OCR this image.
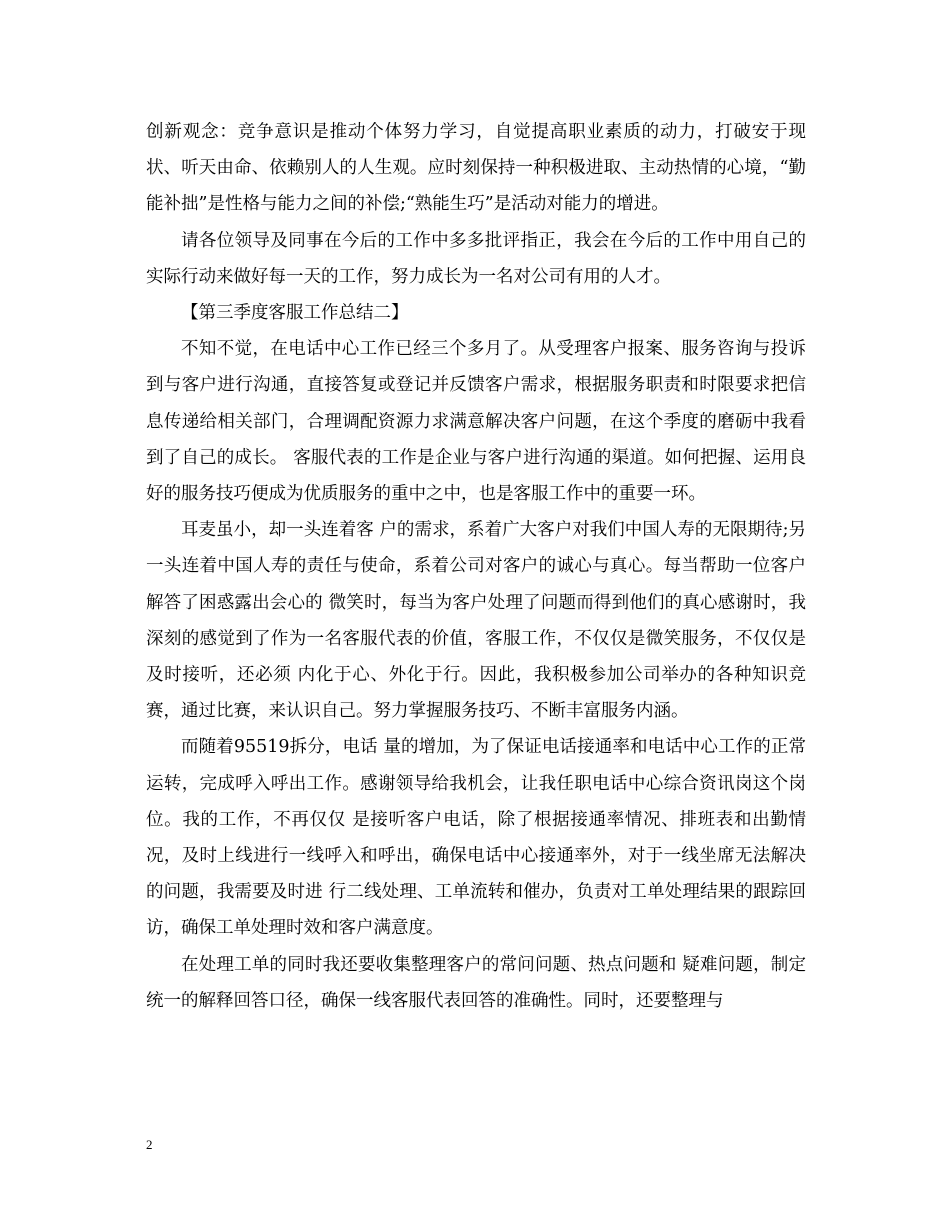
创新观念：竞争意识是推动个体努力学习，自觉提高职业素质的动力，打破安于现状、听天由命、依赖别人的人生观。应时刻保持一种积极进取、主动热情的心境，“勤能补拙”是性格与能力之间的补偿;“熟能生巧”是活动对能力的增进。

请各位领导及同事在今后的工作中多多批评指正，我会在今后的工作中用自己的实际行动来做好每一天的工作，努力成长为一名对公司有用的人才。

【第三季度客服工作总结二】

不知不觉，在电话中心工作已经三个多月了。从受理客户报案、服务咨询与投诉到与客户进行沟通，直接答复或登记并反馈客户需求，根据服务职责和时限要求把信息传递给相关部门，合理调配资源力求满意解决客户问题，在这个季度的磨砺中我看到了自己的成长。 客服代表的工作是企业与客户进行沟通的渠道。如何把握、运用良好的服务技巧便成为优质服务的重中之中，也是客服工作中的重要一环。

耳麦虽小，却一头连着客 户的需求，系着广大客户对我们中国人寿的无限期待;另一头连着中国人寿的责任与使命，系着公司对客户的诚心与真心。每当帮助一位客户解答了困惑露出会心的 微笑时，每当为客户处理了问题而得到他们的真心感谢时，我深刻的感觉到了作为一名客服代表的价值，客服工作，不仅仅是微笑服务，不仅仅是及时接听，还必须 内化于心、外化于行。因此，我积极参加公司举办的各种知识竞赛，通过比赛，来认识自己。努力掌握服务技巧、不断丰富服务内涵。

而随着95519拆分，电话 量的增加，为了保证电话接通率和电话中心工作的正常运转，完成呼入呼出工作。感谢领导给我机会，让我任职电话中心综合资讯岗这个岗位。我的工作，不再仅仅 是接听客户电话，除了根据接通率情况、排班表和出勤情况，及时上线进行一线呼入和呼出，确保电话中心接通率外，对于一线坐席无法解决的问题，我需要及时进 行二线处理、工单流转和催办，负责对工单处理结果的跟踪回访，确保工单处理时效和客户满意度。

在处理工单的同时我还要收集整理客户的常问问题、热点问题和 疑难问题，制定统一的解释回答口径，确保一线客服代表回答的准确性。同时，还要整理与

2
